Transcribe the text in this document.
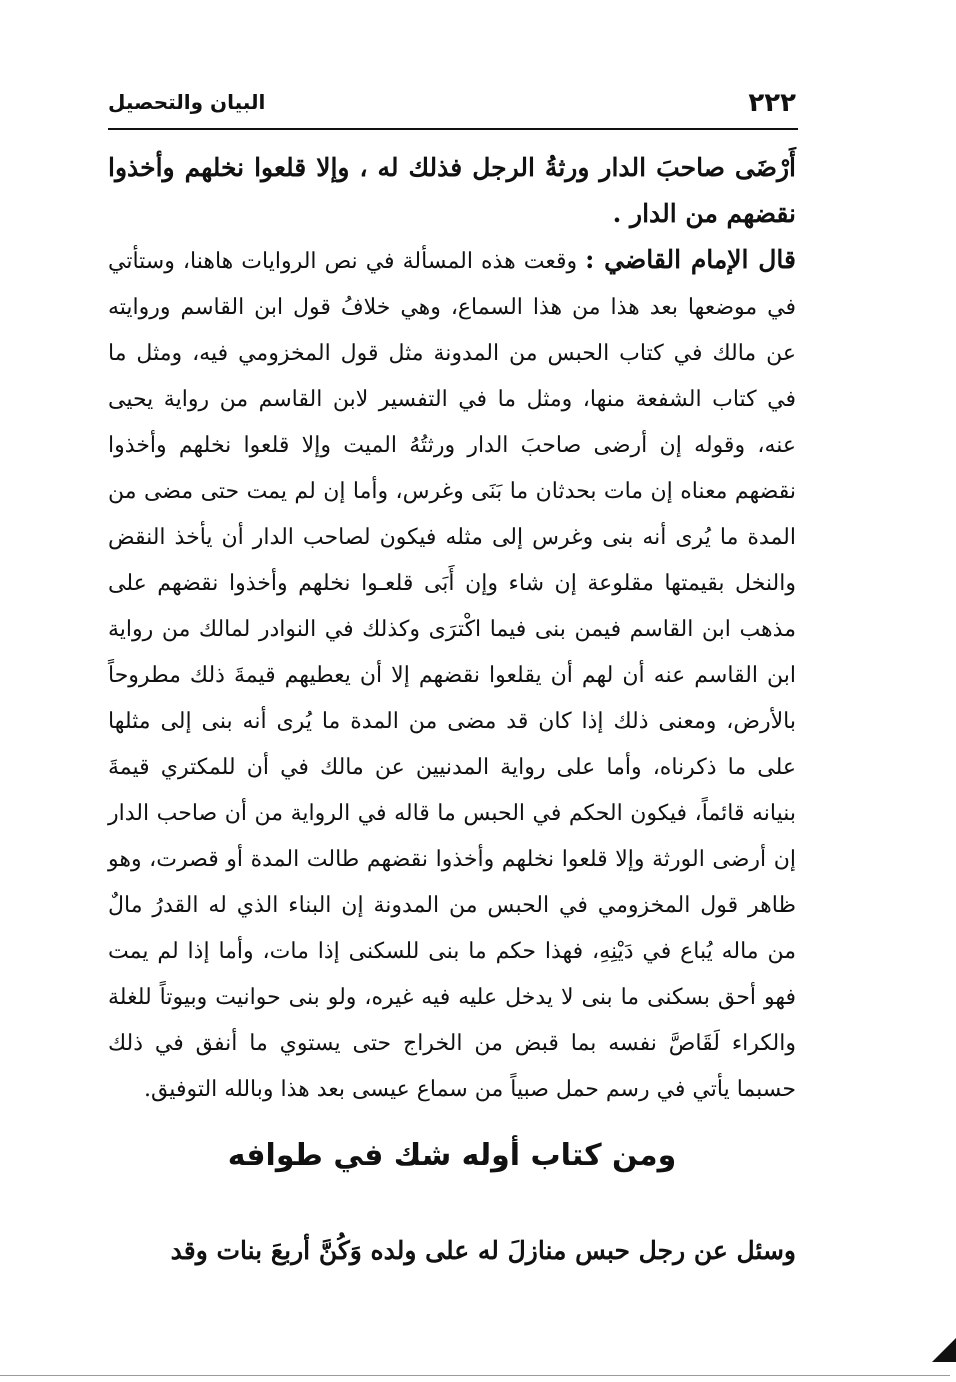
٢٢٢
البيان والتحصيل

أَرْضَى صاحبَ الدار ورثةُ الرجل فذلك له ، وإلا قلعوا نخلهم وأخذوا نقضهم من الدار .

قال الإمام القاضي : وقعت هذه المسألة في نص الروايات هاهنا، وستأتي في موضعها بعد هذا من هذا السماع، وهي خلافُ قول ابن القاسم وروايته عن مالك في كتاب الحبس من المدونة مثل قول المخزومي فيه، ومثل ما في كتاب الشفعة منها، ومثل ما في التفسير لابن القاسم من رواية يحيى عنه، وقوله إن أرضى صاحبَ الدار ورثتُهُ الميت وإلا قلعوا نخلهم وأخذوا نقضهم معناه إن مات بحدثان ما بَنَى وغرس، وأما إن لم يمت حتى مضى من المدة ما يُرى أنه بنى وغرس إلى مثله فيكون لصاحب الدار أن يأخذ النقض والنخل بقيمتها مقلوعة إن شاء وإن أَبَى قلعـوا نخلهم وأخذوا نقضهم على مذهب ابن القاسم فيمن بنى فيما اكْترَى وكذلك في النوادر لمالك من رواية ابن القاسم عنه أن لهم أن يقلعوا نقضهم إلا أن يعطيهم قيمةَ ذلك مطروحاً بالأرض، ومعنى ذلك إذا كان قد مضى من المدة ما يُرى أنه بنى إلى مثلها على ما ذكرناه، وأما على رواية المدنيين عن مالك في أن للمكتري قيمةَ بنيانه قائماً، فيكون الحكم في الحبس ما قاله في الرواية من أن صاحب الدار إن أرضى الورثة وإلا قلعوا نخلهم وأخذوا نقضهم طالت المدة أو قصرت، وهو ظاهر قول المخزومي في الحبس من المدونة إن البناء الذي له القدرُ مالٌ من ماله يُباع في دَيْنِهِ، فهذا حكم ما بنى للسكنى إذا مات، وأما إذا لم يمت فهو أحق بسكنى ما بنى لا يدخل عليه فيه غيره، ولو بنى حوانيت وبيوتاً للغلة والكراء لَقَاصَّ نفسه بما قبض من الخراج حتى يستوي ما أنفق في ذلك حسبما يأتي في رسم حمل صبياً من سماع عيسى بعد هذا وبالله التوفيق.

ومن كتاب أوله شك في طوافه
وسئل عن رجل حبس منازلَ له على ولده وَكُنَّ أربعَ بنات وقد
